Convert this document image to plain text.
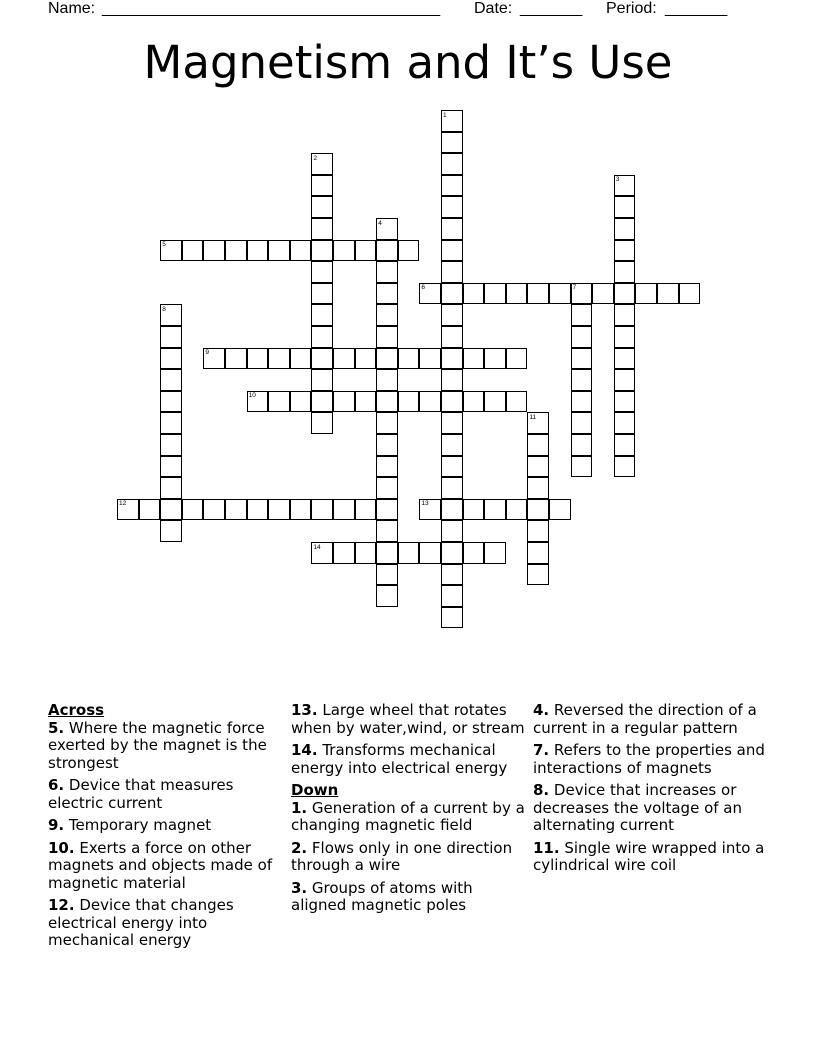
Name: ______________________________________ Date: _______ Period: _______
Magnetism and It’s Use
1
2
3
4
5
6	7
8
9
10
11
12	13
14
Across
5. Where the magnetic force exerted by the magnet is the strongest
6. Device that measures electric current
9. Temporary magnet
10. Exerts a force on other magnets and objects made of magnetic material
12. Device that changes electrical energy into mechanical energy
13. Large wheel that rotates when by water,wind, or stream
14. Transforms mechanical energy into electrical energy
Down
1. Generation of a current by a changing magnetic field
2. Flows only in one direction through a wire
3. Groups of atoms with aligned magnetic poles
4. Reversed the direction of a current in a regular pattern
7. Refers to the properties and interactions of magnets
8. Device that increases or decreases the voltage of an alternating current
11. Single wire wrapped into a cylindrical wire coil
